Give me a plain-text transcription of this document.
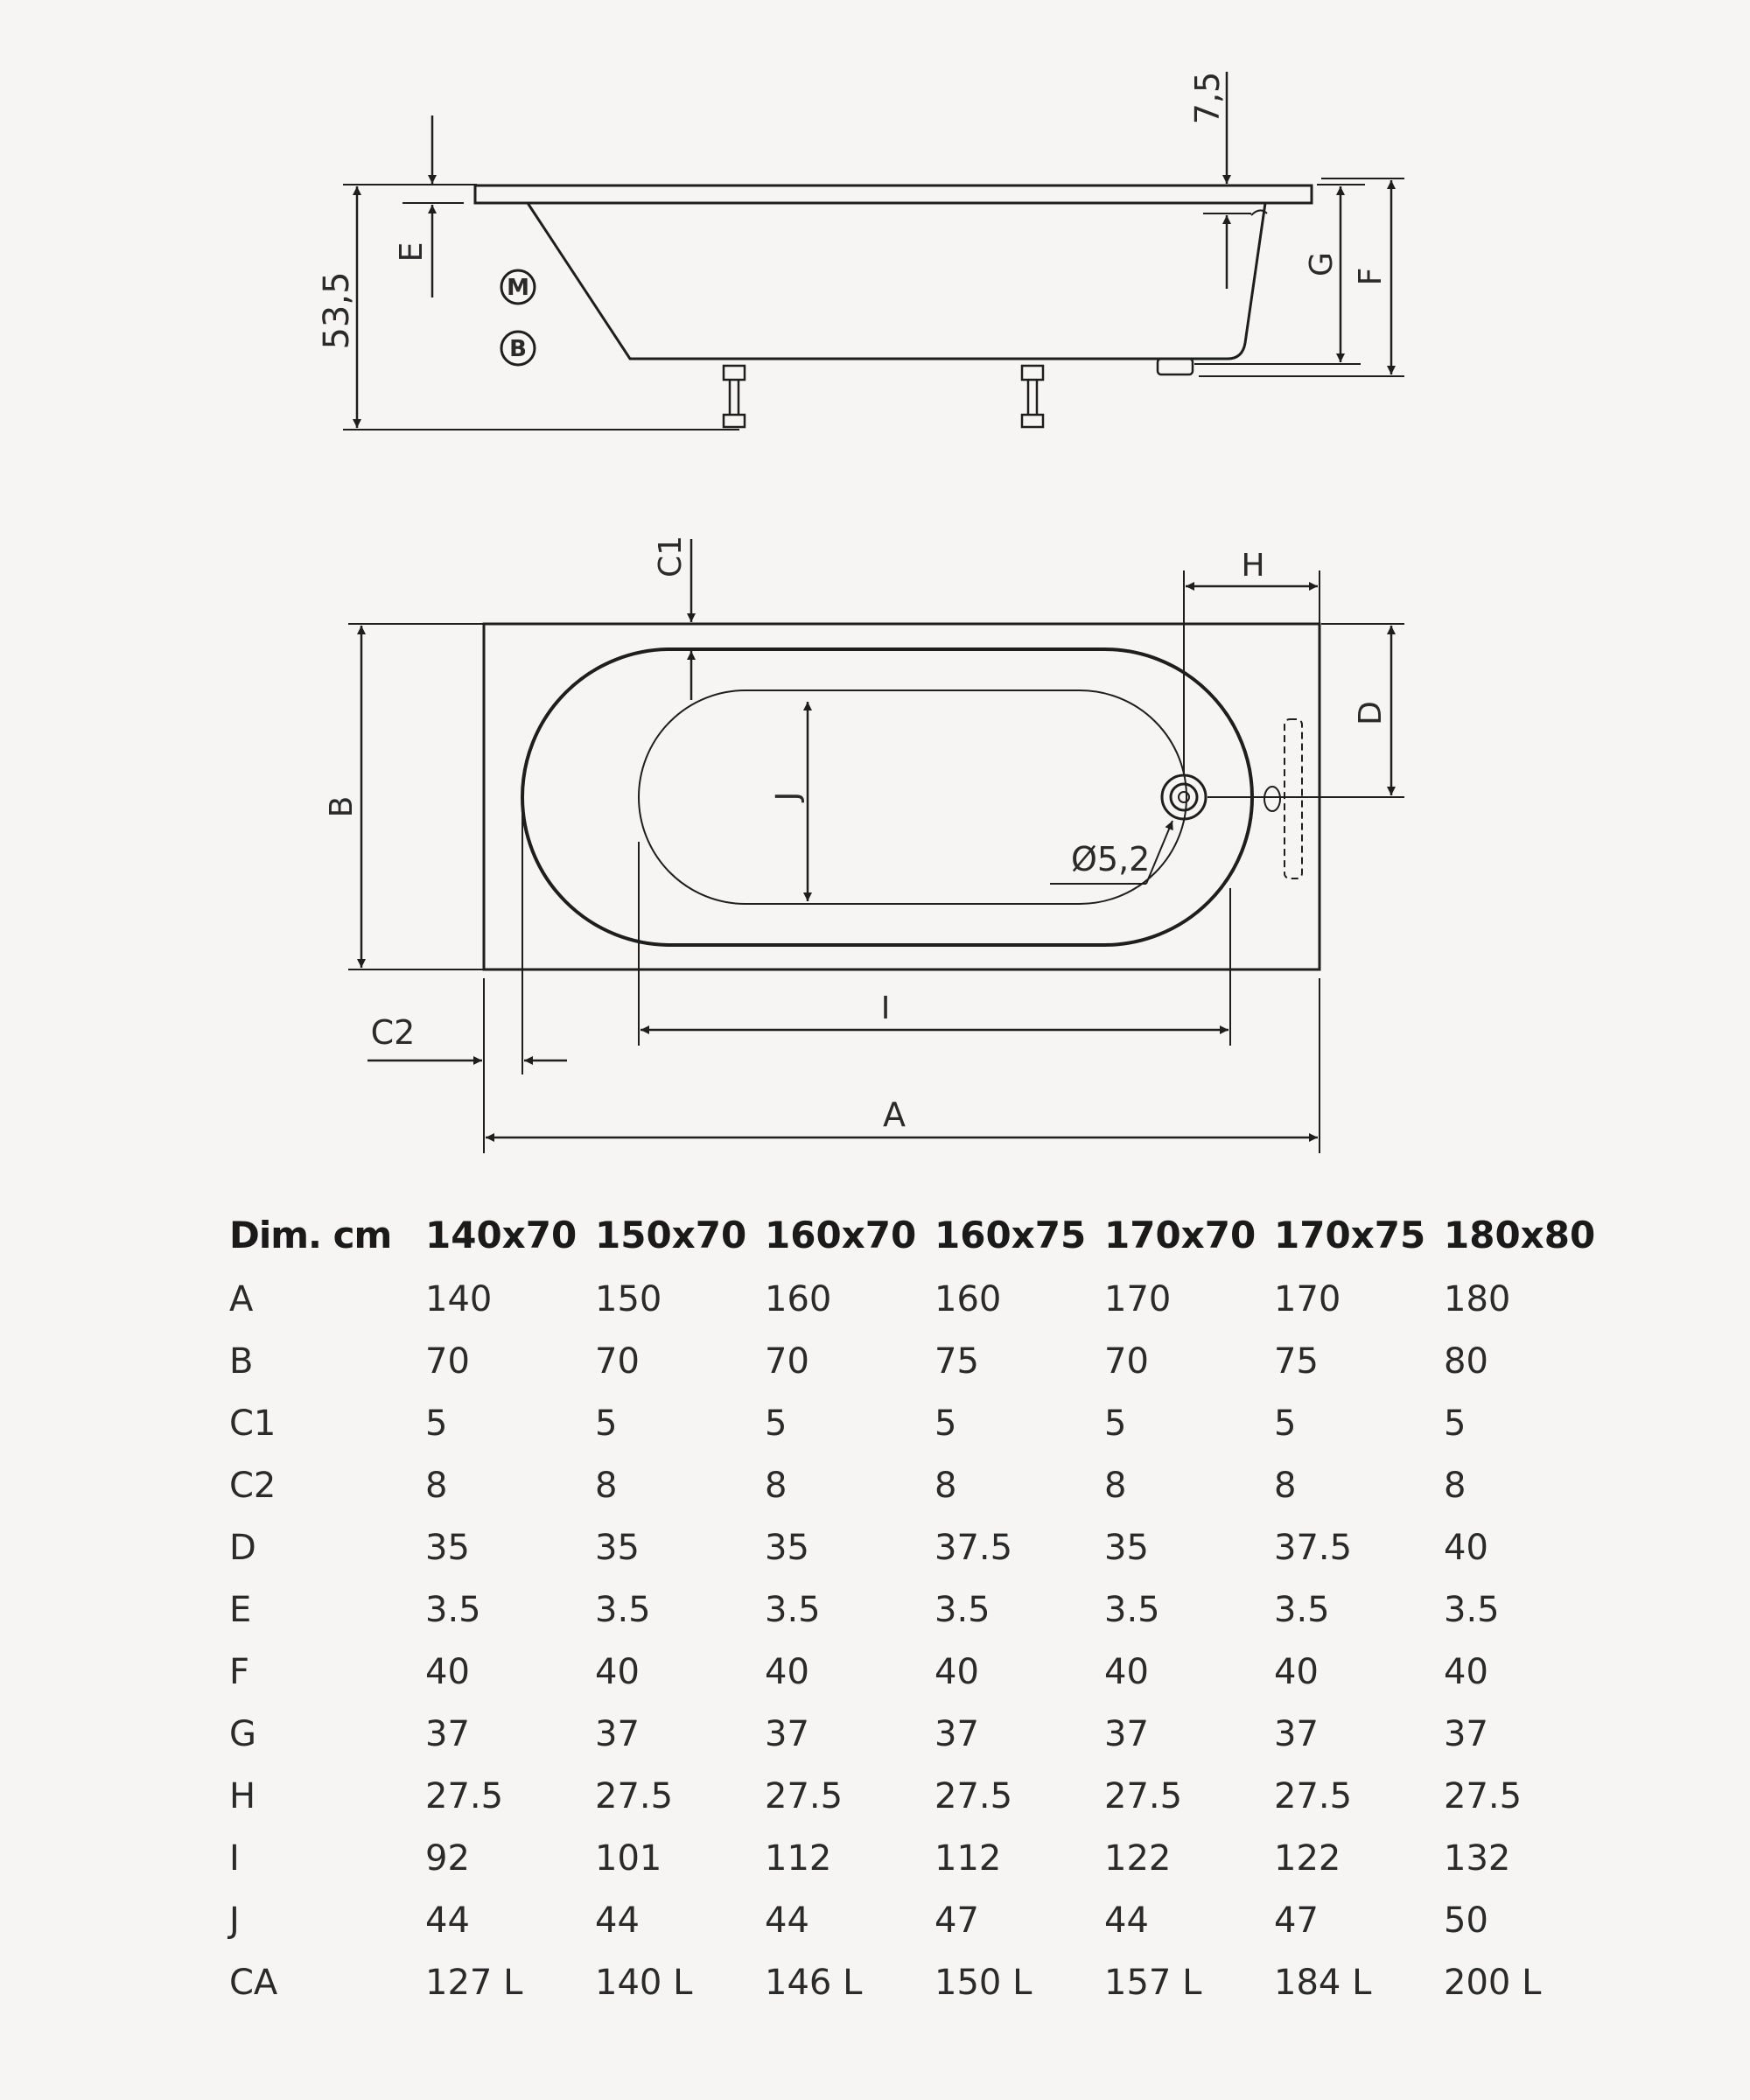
53,5
E
7,5
G
F
M
B
Ø5,2
C1	H
D
B	J
I
C2
A
Dim. cm	140x70	150x70	160x70	160x75	170x70	170x75	180x80
A	140	150	160	160	170	170	180
B	70	70	70	75	70	75	80
C1	5	5	5	5	5	5	5
C2	8	8	8	8	8	8	8
D	35	35	35	37.5	35	37.5	40
E	3.5	3.5	3.5	3.5	3.5	3.5	3.5
F	40	40	40	40	40	40	40
G	37	37	37	37	37	37	37
H	27.5	27.5	27.5	27.5	27.5	27.5	27.5
I	92	101	112	112	122	122	132
J	44	44	44	47	44	47	50
CA	127 L	140 L	146 L	150 L	157 L	184 L	200 L
